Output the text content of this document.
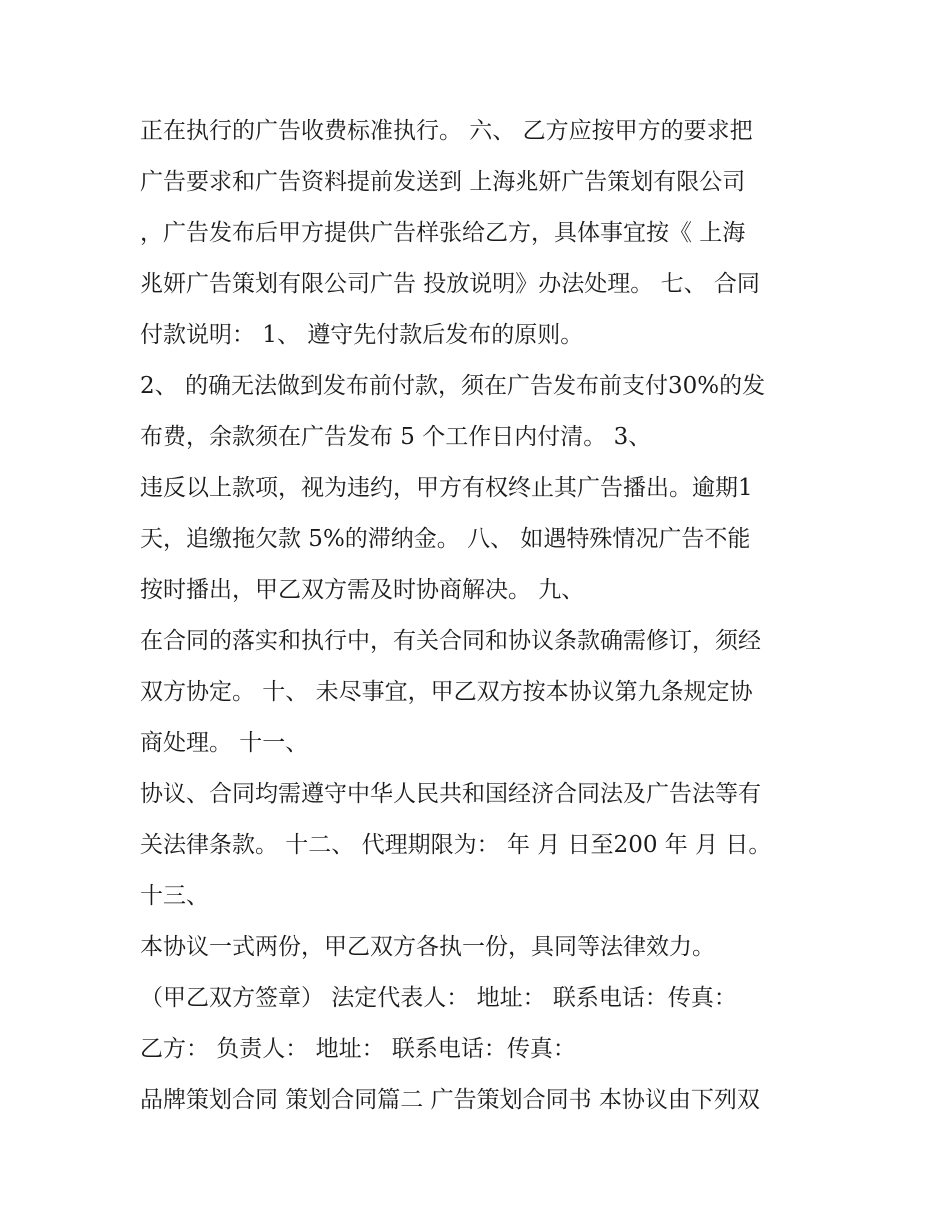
正在执行的广告收费标准执行。 六、 乙方应按甲方的要求把
广告要求和广告资料提前发送到 上海兆妍广告策划有限公司
，广告发布后甲方提供广告样张给乙方，具体事宜按《 上海
兆妍广告策划有限公司广告 投放说明》办法处理。 七、 合同
付款说明： 1、 遵守先付款后发布的原则。
2、 的确无法做到发布前付款，须在广告发布前支付30%的发
布费，余款须在广告发布 5 个工作日内付清。 3、
违反以上款项，视为违约，甲方有权终止其广告播出。逾期1
天，追缴拖欠款 5%的滞纳金。 八、 如遇特殊情况广告不能
按时播出，甲乙双方需及时协商解决。 九、
在合同的落实和执行中，有关合同和协议条款确需修订，须经
双方协定。 十、 未尽事宜，甲乙双方按本协议第九条规定协
商处理。 十一、
协议、合同均需遵守中华人民共和国经济合同法及广告法等有
关法律条款。 十二、 代理期限为： 年 月 日至200 年 月 日。
十三、
本协议一式两份，甲乙双方各执一份，具同等法律效力。
（甲乙双方签章） 法定代表人： 地址： 联系电话：传真：
乙方： 负责人： 地址： 联系电话：传真：
品牌策划合同 策划合同篇二 广告策划合同书 本协议由下列双
